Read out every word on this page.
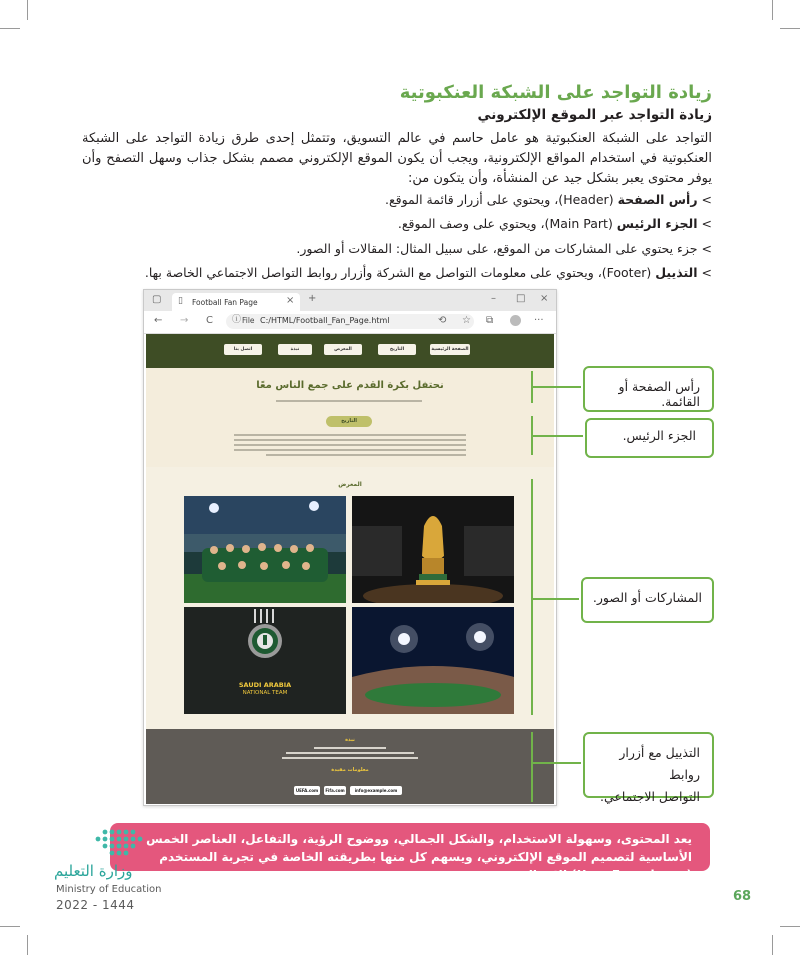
زيادة التواجد على الشبكة العنكبوتية
زيادة التواجد عبر الموقع الإلكتروني
التواجد على الشبكة العنكبوتية هو عامل حاسم في عالم التسويق، وتتمثل إحدى طرق زيادة التواجد على الشبكة العنكبوتية في استخدام المواقع الإلكترونية، ويجب أن يكون الموقع الإلكتروني مصمم بشكل جذاب وسهل التصفح وأن يوفر محتوى يعبر بشكل جيد عن المنشأة، وأن يتكون من:
> رأس الصفحة (Header)، ويحتوي على أزرار قائمة الموقع.
> الجزء الرئيس (Main Part)، ويحتوي على وصف الموقع.
> جزء يحتوي على المشاركات من الموقع، على سبيل المثال: المقالات أو الصور.
> التذييل (Footer)، ويحتوي على معلومات التواصل مع الشركة وأزرار روابط التواصل الاجتماعي الخاصة بها.
▢ ▯ Football Fan Page	× +	– □ ×
← → C ⓘ File C:/HTML/Football_Fan_Page.html	⟲ ☆ ⧉	···
الصفحة الرئيسية
التاريخ
المعرض
نبذة
اتصل بنا
نحتفل بكرة القدم على جمع الناس معًا
التاريخ
المعرض
SAUDI ARABIA
NATIONAL TEAM
نبذة
معلومات مفيدة
UEFA.com	Fifa.com	info@example.com
رأس الصفحة أو القائمة.
الجزء الرئيس.
المشاركات أو الصور.
التذييل مع أزرار روابط
التواصل الاجتماعي.
يعد المحتوى، وسهولة الاستخدام، والشكل الجمالي، ووضوح الرؤية، والتفاعل، العناصر الخمس الأساسية لتصميم الموقع الإلكتروني، ويسهم كل منها بطريقته الخاصة في تجربة المستخدم (User Experience) الإجمالية.
وزارة التعليم
Ministry of Education
2022 - 1444
68
